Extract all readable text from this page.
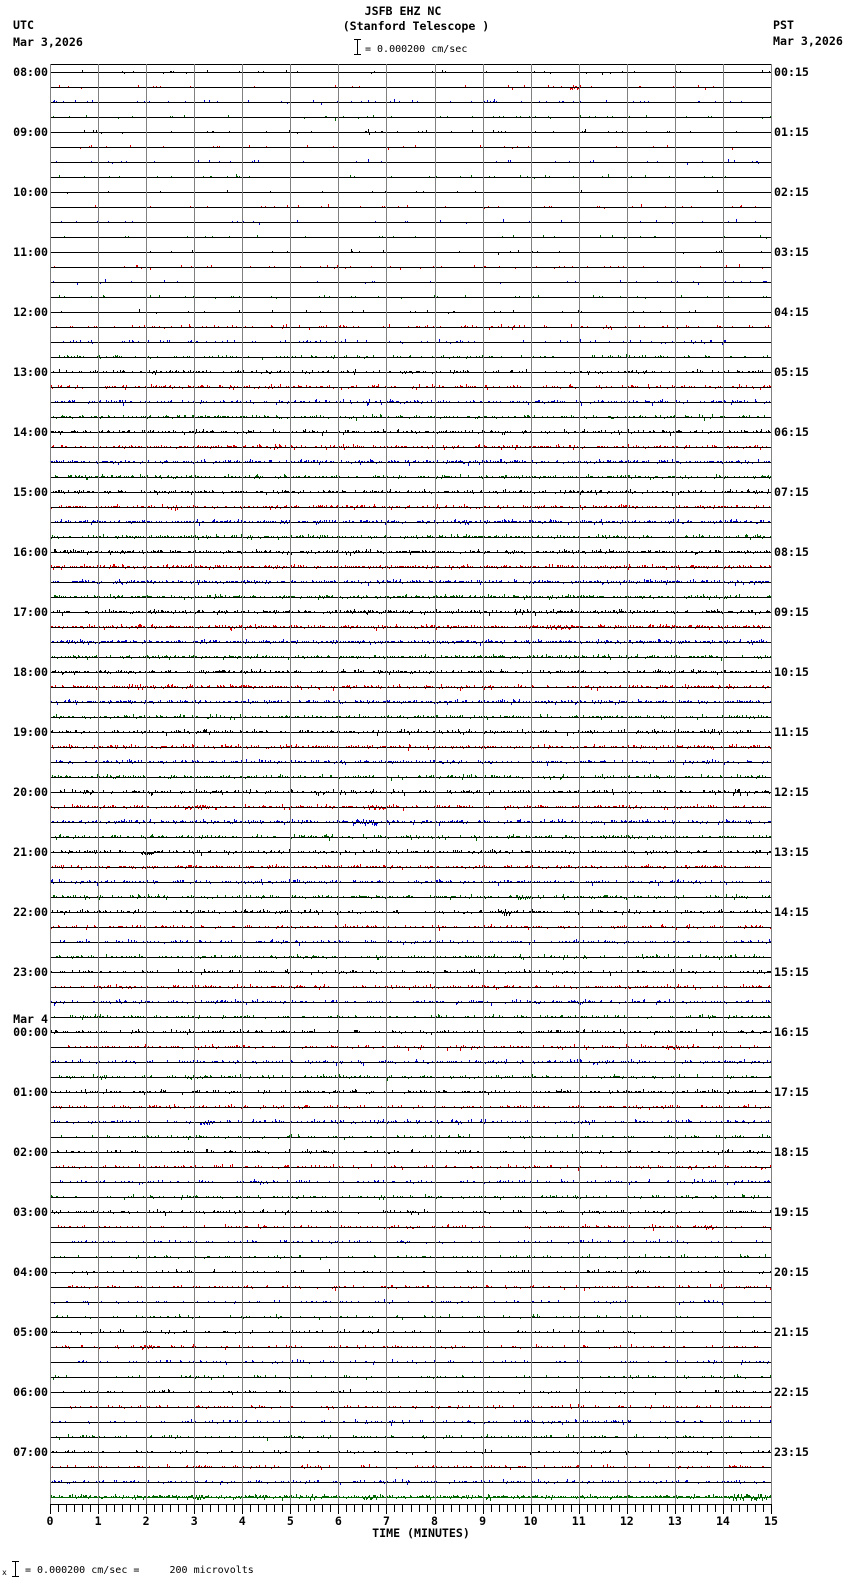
JSFB EHZ NC
(Stanford Telescope )
= 0.000200 cm/sec
UTC
Mar 3,2026
PST
Mar 3,2026
08:00
09:00
10:00
11:00
12:00
13:00
14:00
15:00
16:00
17:00
18:00
19:00
20:00
21:00
22:00
23:00
00:00
01:00
02:00
03:00
04:00
05:00
06:00
07:00
Mar 4
00:15
01:15
02:15
03:15
04:15
05:15
06:15
07:15
08:15
09:15
10:15
11:15
12:15
13:15
14:15
15:15
16:15
17:15
18:15
19:15
20:15
21:15
22:15
23:15
0	1	2	3	4	5	6	7	8	9	10	11	12	13	14	15
TIME (MINUTES)
x = 0.000200 cm/sec =     200 microvolts
